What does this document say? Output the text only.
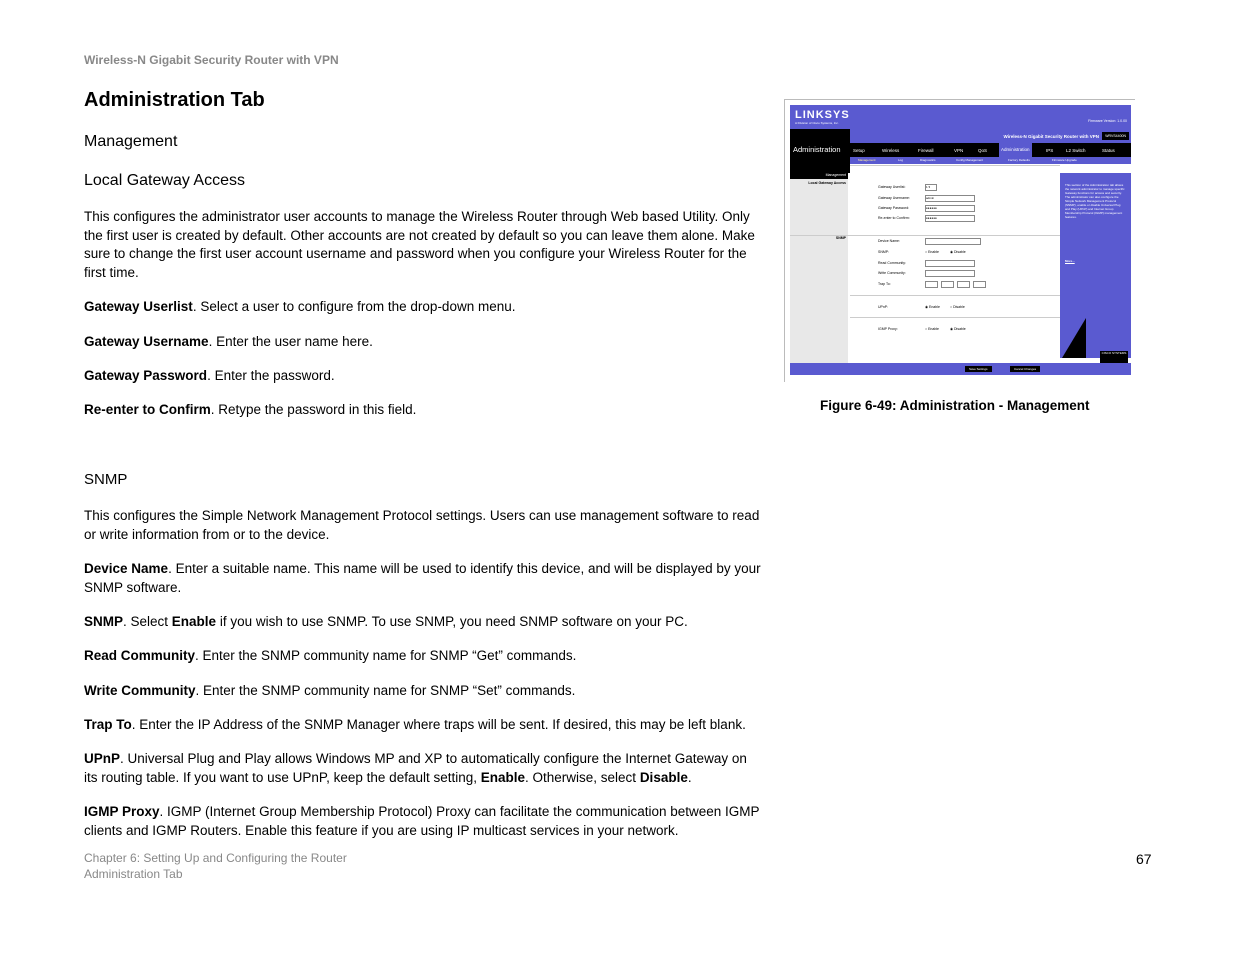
Wireless-N Gigabit Security Router with VPN
Administration Tab
Management
Local Gateway Access
This configures the administrator user accounts to manage the Wireless Router through Web based Utility. Only the first user is created by default. Other accounts are not created by default so you can leave them alone. Make sure to change the first user account username and password when you configure your Wireless Router for the first time.
Gateway Userlist. Select a user to configure from the drop-down menu.
Gateway Username. Enter the user name here.
Gateway Password. Enter the password.
Re-enter to Confirm. Retype the password in this field.
SNMP
This configures the Simple Network Management Protocol settings. Users can use management software to read or write information from or to the device.
Device Name. Enter a suitable name. This name will be used to identify this device, and will be displayed by your SNMP software.
SNMP. Select Enable if you wish to use SNMP. To use SNMP, you need SNMP software on your PC.
Read Community. Enter the SNMP community name for SNMP “Get” commands.
Write Community. Enter the SNMP community name for SNMP “Set” commands.
Trap To. Enter the IP Address of the SNMP Manager where traps will be sent. If desired, this may be left blank.
UPnP. Universal Plug and Play allows Windows MP and XP to automatically configure the Internet Gateway on its routing table. If you want to use UPnP, keep the default setting, Enable. Otherwise, select Disable.
IGMP Proxy. IGMP (Internet Group Membership Protocol) Proxy can facilitate the communication between IGMP clients and IGMP Routers. Enable this feature if you are using IP multicast services in your network.
LINKSYS
A Division of Cisco Systems, Inc.	Firmware Version: 1.0.00
Administration
Wireless-N Gigabit Security Router with VPN	WRVS4400N
Setup	Wireless	Firewall	VPN	QoS	Administration	IPS	L2 Switch	Status
Management	Log	Diagnostics	Config Management	Factory Defaults	Firmware Upgrade
Management
Local Gateway Access
SNMP
Gateway Userlist:	1 ▾
Gateway Username:	admin
Gateway Password:	●●●●●●
Re-enter to Confirm:	●●●●●●
Device Name:
SNMP:	○ Enable	◉ Disable
Read Community:
Write Community:
Trap To:
UPnP:	◉ Enable	○ Disable
IGMP Proxy:	○ Enable	◉ Disable
This section of the Administration tab allows the network administrator to manage specific Gateway functions for access and security. The administrator can also configure the Simple Network Management Protocol (SNMP), enable or disable Universal Plug and Play (UPnP) and Internet Group Membership Protocol (IGMP) management features.
More...
CISCO SYSTEMS
Save Settings	Cancel Changes
Figure 6-49: Administration - Management
Chapter 6: Setting Up and Configuring the Router
Administration Tab
67
